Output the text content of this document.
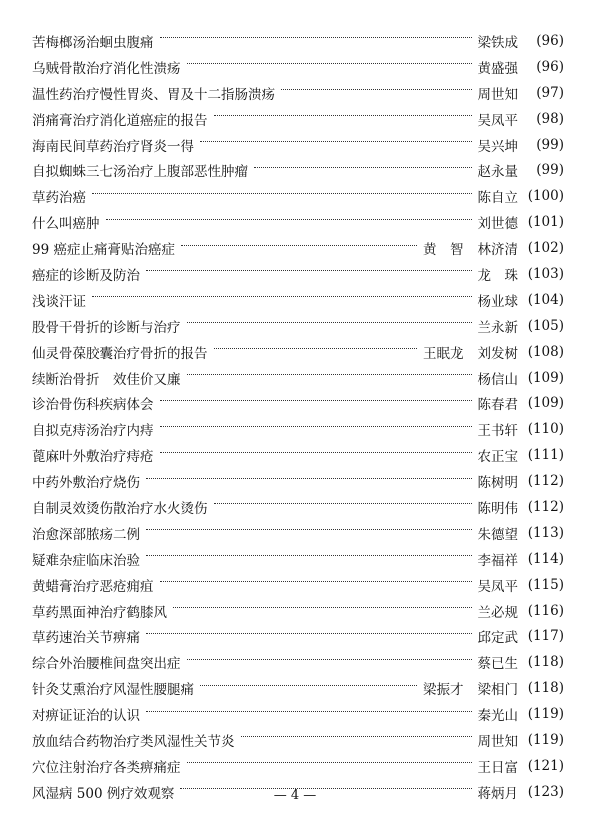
苦梅榔汤治蛔虫腹痛	梁铁成	(96)
乌贼骨散治疗消化性溃疡	黄盛强	(96)
温性药治疗慢性胃炎、胃及十二指肠溃疡	周世知	(97)
消痛膏治疗消化道癌症的报告	吴凤平	(98)
海南民间草药治疗肾炎一得	吴兴坤	(99)
自拟蜘蛛三七汤治疗上腹部恶性肿瘤	赵永量	(99)
草药治癌	陈自立 (100)
什么叫癌肿	刘世德 (101)
99 癌症止痛膏贴治癌症	黄　智 林济清 (102)
癌症的诊断及防治	龙　珠 (103)
浅谈汗证	杨业球 (104)
股骨干骨折的诊断与治疗	兰永新 (105)
仙灵骨葆胶囊治疗骨折的报告	王眠龙 刘发树 (108)
续断治骨折　效佳价又廉	杨信山 (109)
诊治骨伤科疾病体会	陈春君 (109)
自拟克痔汤治疗内痔	王书轩 (110)
蓖麻叶外敷治疗痔疮	农正宝 (111)
中药外敷治疗烧伤	陈树明 (112)
自制灵效烫伤散治疗水火烫伤	陈明伟 (112)
治愈深部脓疡二例	朱德望 (113)
疑难杂症临床治验	李福祥 (114)
黄蜡膏治疗恶疮痈疽	吴凤平 (115)
草药黑面神治疗鹤膝风	兰必规 (116)
草药速治关节痹痛	邱定武 (117)
综合外治腰椎间盘突出症	蔡已生 (118)
针灸艾熏治疗风湿性腰腿痛	梁振才 梁相门 (118)
对痹证证治的认识	秦光山 (119)
放血结合药物治疗类风湿性关节炎	周世知 (119)
穴位注射治疗各类痹痛症	王日富 (121)
风湿病 500 例疗效观察	蒋炳月 (123)
— 4 —
